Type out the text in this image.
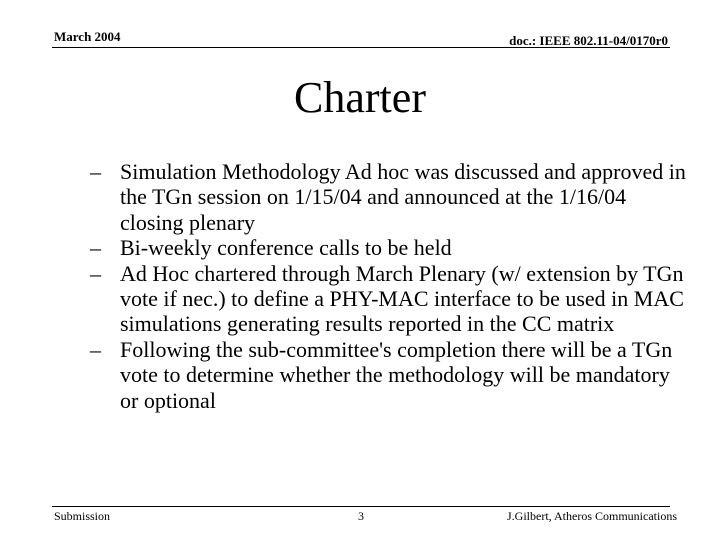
March 2004	doc.: IEEE 802.11-04/0170r0
Charter
– Simulation Methodology Ad hoc was discussed and approved in the TGn session on 1/15/04 and announced at the 1/16/04 closing plenary
– Bi-weekly conference calls to be held
– Ad Hoc chartered through March Plenary (w/ extension by TGn vote if nec.) to define a PHY-MAC interface to be used in MAC simulations generating results reported in the CC matrix
– Following the sub-committee's completion there will be a TGn vote to determine whether the methodology will be mandatory or optional
Submission	3	J.Gilbert, Atheros Communications
